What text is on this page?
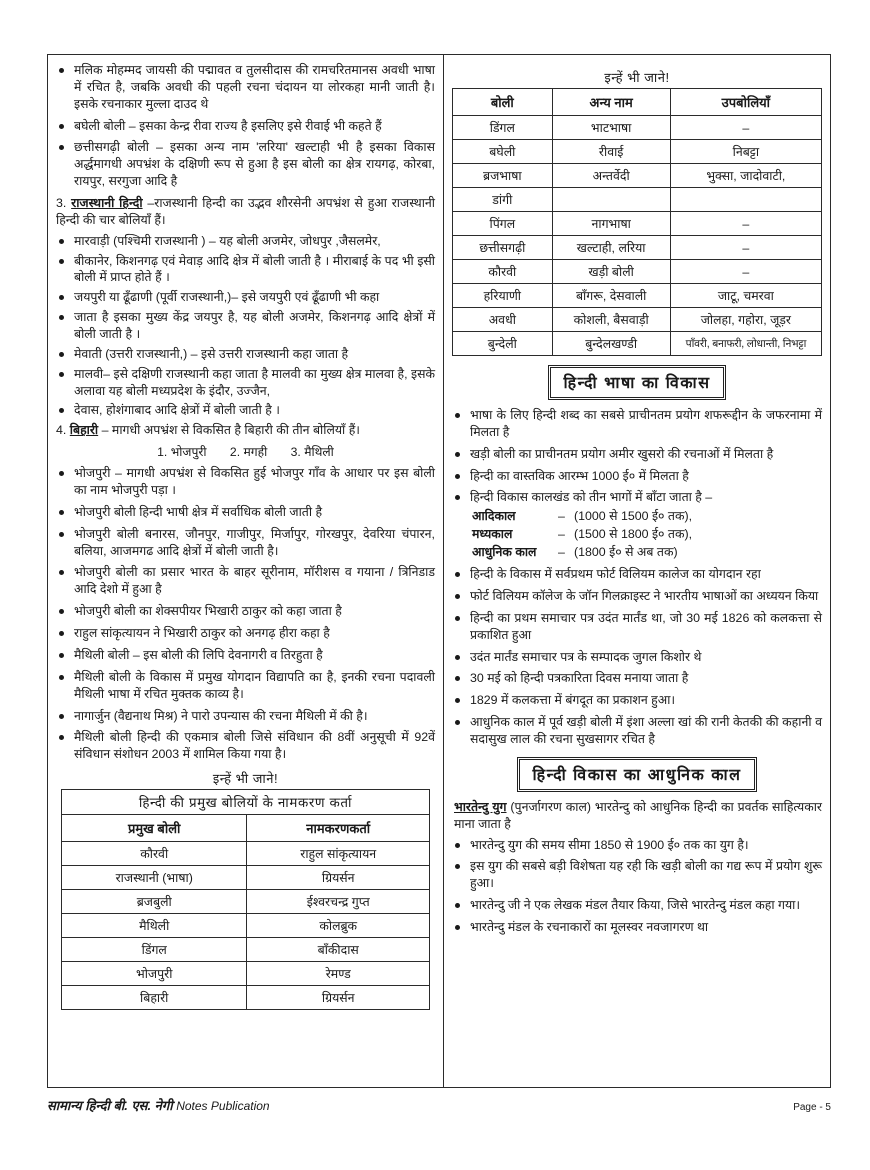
मलिक मोहम्मद जायसी की पद्मावत व तुलसीदास की रामचरितमानस अवधी भाषा में रचित है, जबकि अवधी की पहली रचना चंदायन या लोरकहा मानी जाती है। इसके रचनाकार मुल्ला दाउद थे
बघेली बोली – इसका केन्द्र रीवा राज्य है इसलिए इसे रीवाई भी कहते हैं
छत्तीसगढ़ी बोली – इसका अन्य नाम 'लरिया' खल्टाही भी है इसका विकास अर्द्धमागधी अपभ्रंश के दक्षिणी रूप से हुआ है इस बोली का क्षेत्र रायगढ़, कोरबा, रायपुर, सरगुजा आदि है
3. राजस्थानी हिन्दी –राजस्थानी हिन्दी का उद्भव शौरसेनी अपभ्रंश से हुआ राजस्थानी हिन्दी की चार बोलियाँ हैं।
मारवाड़ी (पश्चिमी राजस्थानी ) – यह बोली अजमेर, जोधपुर ,जैसलमेर,
बीकानेर, किशनगढ़ एवं मेवाड़ आदि क्षेत्र में बोली जाती है । मीराबाई के पद भी इसी बोली में प्राप्त होते हैं ।
जयपुरी या ढूँढाणी (पूर्वी राजस्थानी,)– इसे जयपुरी एवं ढूँढाणी भी कहा
जाता है इसका मुख्य केंद्र जयपुर है, यह बोली अजमेर, किशनगढ़ आदि क्षेत्रों में बोली जाती है ।
मेवाती (उत्तरी राजस्थानी,) – इसे उत्तरी राजस्थानी कहा जाता है
मालवी– इसे दक्षिणी राजस्थानी कहा जाता है मालवी का मुख्य क्षेत्र मालवा है, इसके अलावा यह बोली मध्यप्रदेश के इंदौर, उज्जैन,
देवास, होशंगाबाद आदि क्षेत्रों में बोली जाती है ।
4. बिहारी – मागधी अपभ्रंश से विकसित है बिहारी की तीन बोलियाँ हैं।
1. भोजपुरी 2. मगही 3. मैथिली
भोजपुरी – मागधी अपभ्रंश से विकसित हुई भोजपुर गाँव के आधार पर इस बोली का नाम भोजपुरी पड़ा ।
भोजपुरी बोली हिन्दी भाषी क्षेत्र में सर्वाधिक बोली जाती है
भोजपुरी बोली बनारस, जौनपुर, गाजीपुर, मिर्जापुर, गोरखपुर, देवरिया चंपारन, बलिया, आजमगढ आदि क्षेत्रों में बोली जाती है।
भोजपुरी बोली का प्रसार भारत के बाहर सूरीनाम, मॉरीशस व गयाना / त्रिनिडाड आदि देशो में हुआ है
भोजपुरी बोली का शेक्सपीयर भिखारी ठाकुर को कहा जाता है
राहुल सांकृत्यायन ने भिखारी ठाकुर को अनगढ़ हीरा कहा है
मैथिली बोली – इस बोली की लिपि देवनागरी व तिरहुता है
मैथिली बोली के विकास में प्रमुख योगदान विद्यापति का है, इनकी रचना पदावली मैथिली भाषा में रचित मुक्तक काव्य है।
नागार्जुन (वैद्यनाथ मिश्र) ने पारो उपन्यास की रचना मैथिली में की है।
मैथिली बोली हिन्दी की एकमात्र बोली जिसे संविधान की 8वीं अनुसूची में 92वें संविधान संशोधन 2003 में शामिल किया गया है।
इन्हें भी जाने!
हिन्दी की प्रमुख बोलियों के नामकरण कर्ता	
प्रमुख बोली	नामकरणकर्ता
कौरवी	राहुल सांकृत्यायन
राजस्थानी (भाषा)	ग्रियर्सन
ब्रजबुली	ईश्वरचन्द्र गुप्त
मैथिली	कोलब्रुक
डिंगल	बाँकीदास
भोजपुरी	रेमण्ड
बिहारी	ग्रियर्सन
इन्हें भी जाने!
बोली	अन्य नाम	उपबोलियाँ
डिंगल	भाटभाषा	–
बघेली	रीवाई	निबट्टा
ब्रजभाषा	अन्तर्वेदी	भुक्सा, जादोवाटी,
डांगी		
पिंगल	नागभाषा	–
छत्तीसगढ़ी	खल्टाही, लरिया	–
कौरवी	खड़ी बोली	–
हरियाणी	बाँगरू, देसवाली	जाटू, चमरवा
अवधी	कोशली, बैसवाड़ी	जोलहा, गहोरा, जूड़र
बुन्देली	बुन्देलखण्डी	पाँवरी, बनाफरी, लोधान्ती, निभट्टा
हिन्दी भाषा का विकास
भाषा के लिए हिन्दी शब्द का सबसे प्राचीनतम प्रयोग शफरूद्दीन के जफरनामा में मिलता है
खड़ी बोली का प्राचीनतम प्रयोग अमीर खुसरो की रचनाओं में मिलता है
हिन्दी का वास्तविक आरम्भ 1000 ई० में मिलता है
हिन्दी विकास कालखंड को तीन भागों में बाँटा जाता है –
आदिकाल	– (1000 से 1500 ई० तक),
मध्यकाल	– (1500 से 1800 ई० तक),
आधुनिक काल – (1800 ई० से अब तक)
हिन्दी के विकास में सर्वप्रथम फोर्ट विलियम कालेज का योगदान रहा
फोर्ट विलियम कॉलेज के जॉन गिलक्राइस्ट ने भारतीय भाषाओं का अध्ययन किया
हिन्दी का प्रथम समाचार पत्र उदंत मार्तंड था, जो 30 मई 1826 को कलकत्ता से प्रकाशित हुआ
उदंत मार्तंड समाचार पत्र के सम्पादक जुगल किशोर थे
30 मई को हिन्दी पत्रकारिता दिवस मनाया जाता है
1829 में कलकत्ता में बंगदूत का प्रकाशन हुआ।
आधुनिक काल में पूर्व खड़ी बोली में इंशा अल्ला खां की रानी केतकी की कहानी व सदासुख लाल की रचना सुखसागर रचित है
हिन्दी विकास का आधुनिक काल
भारतेन्दु युग (पुनर्जागरण काल) भारतेन्दु को आधुनिक हिन्दी का प्रवर्तक साहित्यकार माना जाता है
भारतेन्दु युग की समय सीमा 1850 से 1900 ई० तक का युग है।
इस युग की सबसे बड़ी विशेषता यह रही कि खड़ी बोली का गद्य रूप में प्रयोग शुरू हुआ।
भारतेन्दु जी ने एक लेखक मंडल तैयार किया, जिसे भारतेन्दु मंडल कहा गया।
भारतेन्दु मंडल के रचनाकारों का मूलस्वर नवजागरण था
सामान्य हिन्दी बी. एस. नेगी Notes Publication	Page - 5
